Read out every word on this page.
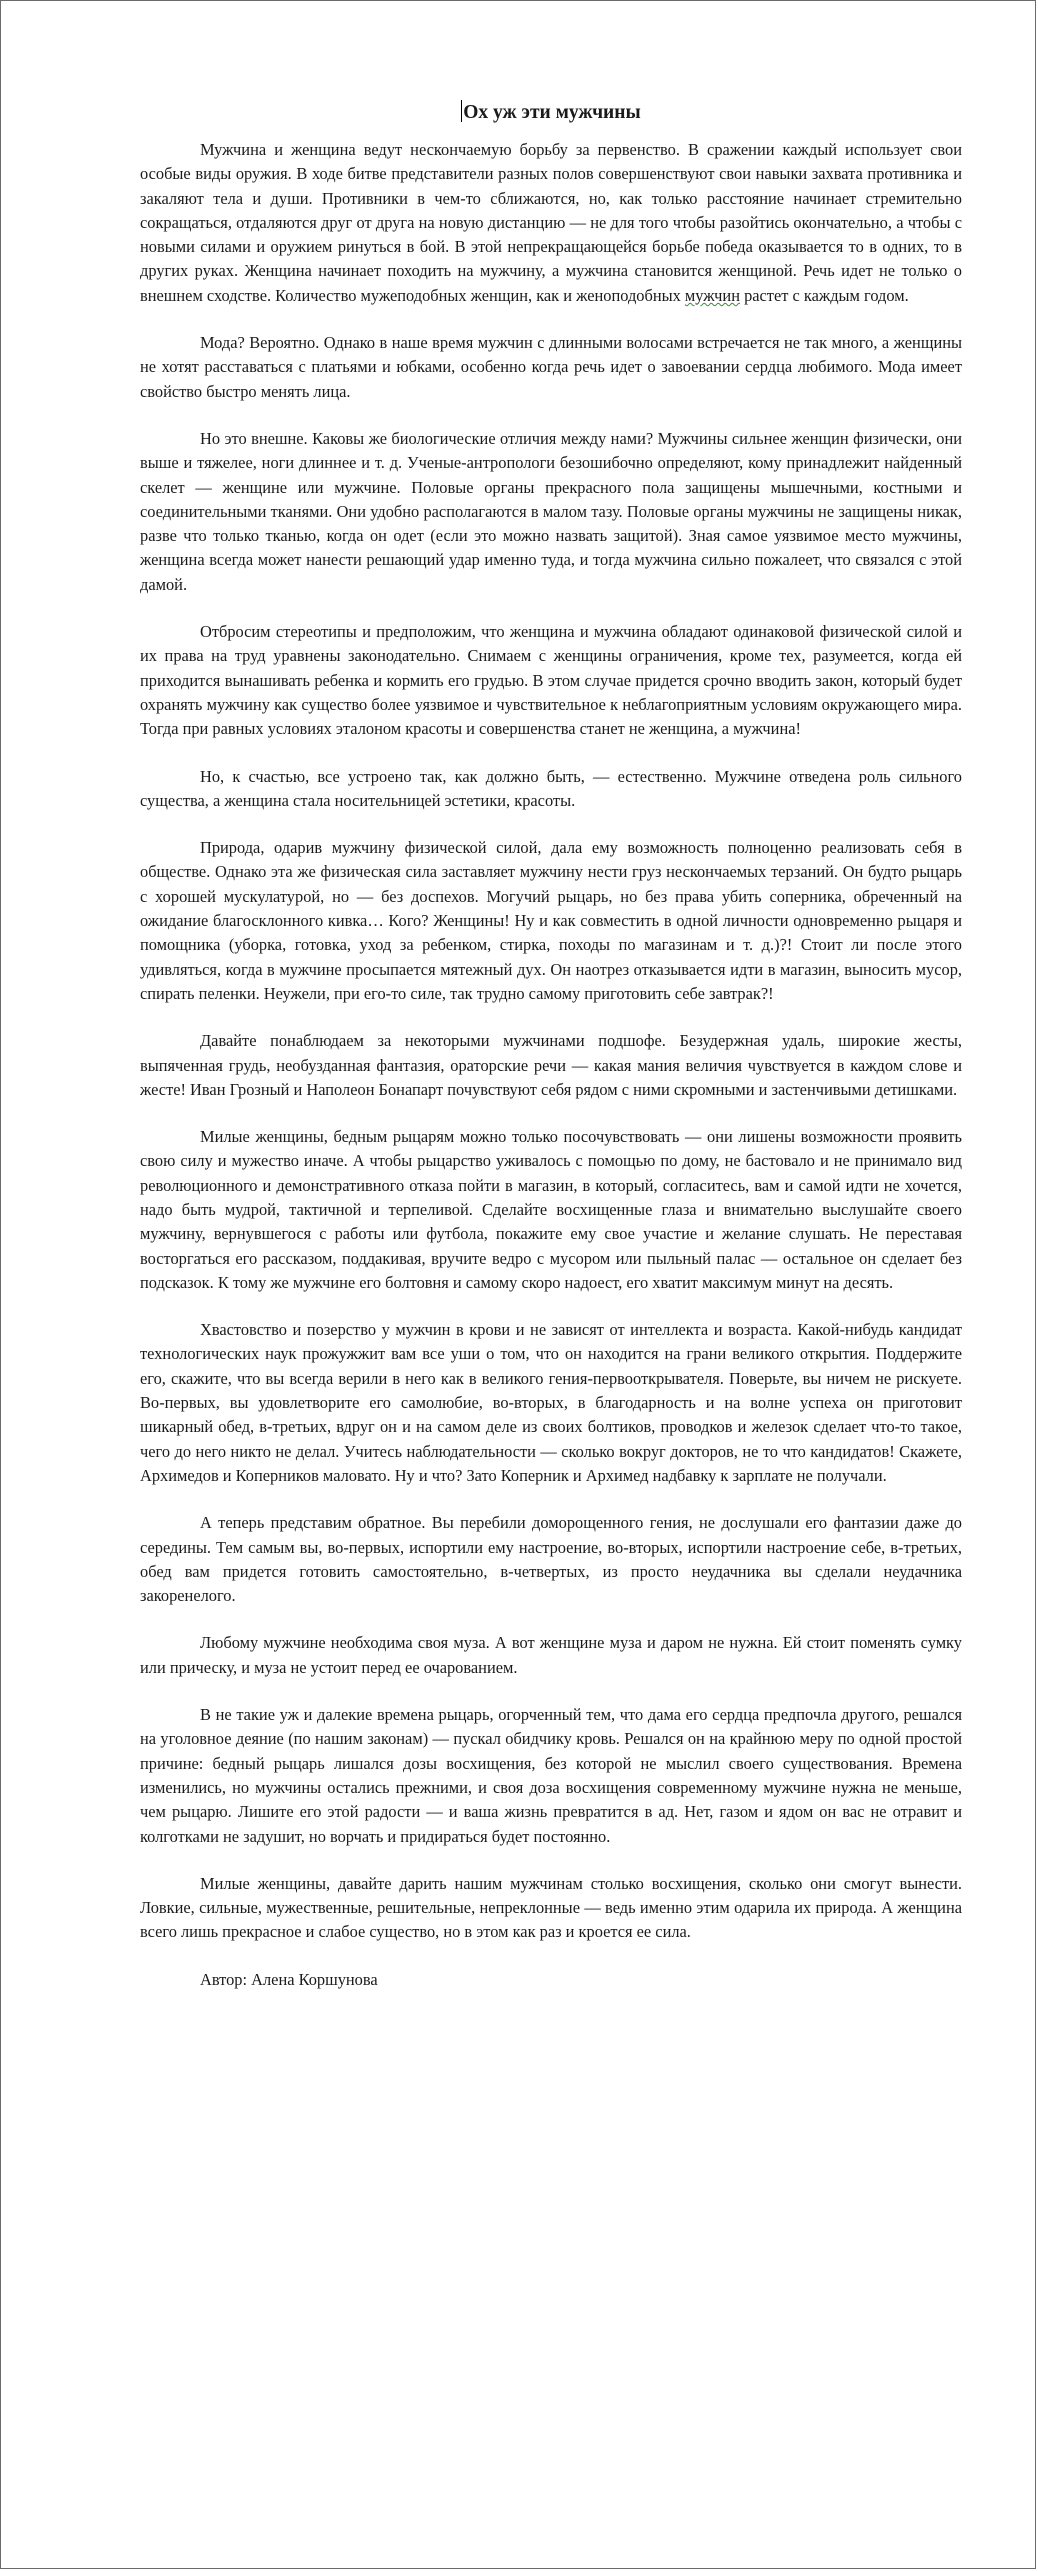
Ох уж эти мужчины

Мужчина и женщина ведут нескончаемую борьбу за первенство. В сражении каждый использует свои особые виды оружия. В ходе битве представители разных полов совершенствуют свои навыки захвата противника и закаляют тела и души. Противники в чем-то сближаются, но, как только расстояние начинает стремительно сокращаться, отдаляются друг от друга на новую дистанцию — не для того чтобы разойтись окончательно, а чтобы с новыми силами и оружием ринуться в бой. В этой непрекращающейся борьбе победа оказывается то в одних, то в других руках. Женщина начинает походить на мужчину, а мужчина становится женщиной. Речь идет не только о внешнем сходстве. Количество мужеподобных женщин, как и женоподобных мужчин растет с каждым годом.

Мода? Вероятно. Однако в наше время мужчин с длинными волосами встречается не так много, а женщины не хотят расставаться с платьями и юбками, особенно когда речь идет о завоевании сердца любимого. Мода имеет свойство быстро менять лица.

Но это внешне. Каковы же биологические отличия между нами? Мужчины сильнее женщин физически, они выше и тяжелее, ноги длиннее и т. д. Ученые-антропологи безошибочно определяют, кому принадлежит найденный скелет — женщине или мужчине. Половые органы прекрасного пола защищены мышечными, костными и соединительными тканями. Они удобно располагаются в малом тазу. Половые органы мужчины не защищены никак, разве что только тканью, когда он одет (если это можно назвать защитой). Зная самое уязвимое место мужчины, женщина всегда может нанести решающий удар именно туда, и тогда мужчина сильно пожалеет, что связался с этой дамой.

Отбросим стереотипы и предположим, что женщина и мужчина обладают одинаковой физической силой и их права на труд уравнены законодательно. Снимаем с женщины ограничения, кроме тех, разумеется, когда ей приходится вынашивать ребенка и кормить его грудью. В этом случае придется срочно вводить закон, который будет охранять мужчину как существо более уязвимое и чувствительное к неблагоприятным условиям окружающего мира. Тогда при равных условиях эталоном красоты и совершенства станет не женщина, а мужчина!

Но, к счастью, все устроено так, как должно быть, — естественно. Мужчине отведена роль сильного существа, а женщина стала носительницей эстетики, красоты.

Природа, одарив мужчину физической силой, дала ему возможность полноценно реализовать себя в обществе. Однако эта же физическая сила заставляет мужчину нести груз нескончаемых терзаний. Он будто рыцарь с хорошей мускулатурой, но — без доспехов. Могучий рыцарь, но без права убить соперника, обреченный на ожидание благосклонного кивка… Кого? Женщины! Ну и как совместить в одной личности одновременно рыцаря и помощника (уборка, готовка, уход за ребенком, стирка, походы по магазинам и т. д.)?! Стоит ли после этого удивляться, когда в мужчине просыпается мятежный дух. Он наотрез отказывается идти в магазин, выносить мусор, спирать пеленки. Неужели, при его-то силе, так трудно самому приготовить себе завтрак?!

Давайте понаблюдаем за некоторыми мужчинами подшофе. Безудержная удаль, широкие жесты, выпяченная грудь, необузданная фантазия, ораторские речи — какая мания величия чувствуется в каждом слове и жесте! Иван Грозный и Наполеон Бонапарт почувствуют себя рядом с ними скромными и застенчивыми детишками.

Милые женщины, бедным рыцарям можно только посочувствовать — они лишены возможности проявить свою силу и мужество иначе. А чтобы рыцарство уживалось с помощью по дому, не бастовало и не принимало вид революционного и демонстративного отказа пойти в магазин, в который, согласитесь, вам и самой идти не хочется, надо быть мудрой, тактичной и терпеливой. Сделайте восхищенные глаза и внимательно выслушайте своего мужчину, вернувшегося с работы или футбола, покажите ему свое участие и желание слушать. Не переставая восторгаться его рассказом, поддакивая, вручите ведро с мусором или пыльный палас — остальное он сделает без подсказок. К тому же мужчине его болтовня и самому скоро надоест, его хватит максимум минут на десять.

Хвастовство и позерство у мужчин в крови и не зависят от интеллекта и возраста. Какой-нибудь кандидат технологических наук прожужжит вам все уши о том, что он находится на грани великого открытия. Поддержите его, скажите, что вы всегда верили в него как в великого гения-первооткрывателя. Поверьте, вы ничем не рискуете. Во-первых, вы удовлетворите его самолюбие, во-вторых, в благодарность и на волне успеха он приготовит шикарный обед, в-третьих, вдруг он и на самом деле из своих болтиков, проводков и железок сделает что-то такое, чего до него никто не делал. Учитесь наблюдательности — сколько вокруг докторов, не то что кандидатов! Скажете, Архимедов и Коперников маловато. Ну и что? Зато Коперник и Архимед надбавку к зарплате не получали.

А теперь представим обратное. Вы перебили доморощенного гения, не дослушали его фантазии даже до середины. Тем самым вы, во-первых, испортили ему настроение, во-вторых, испортили настроение себе, в-третьих, обед вам придется готовить самостоятельно, в-четвертых, из просто неудачника вы сделали неудачника закоренелого.

Любому мужчине необходима своя муза. А вот женщине муза и даром не нужна. Ей стоит поменять сумку или прическу, и муза не устоит перед ее очарованием.

В не такие уж и далекие времена рыцарь, огорченный тем, что дама его сердца предпочла другого, решался на уголовное деяние (по нашим законам) — пускал обидчику кровь. Решался он на крайнюю меру по одной простой причине: бедный рыцарь лишался дозы восхищения, без которой не мыслил своего существования. Времена изменились, но мужчины остались прежними, и своя доза восхищения современному мужчине нужна не меньше, чем рыцарю. Лишите его этой радости — и ваша жизнь превратится в ад. Нет, газом и ядом он вас не отравит и колготками не задушит, но ворчать и придираться будет постоянно.

Милые женщины, давайте дарить нашим мужчинам столько восхищения, сколько они смогут вынести. Ловкие, сильные, мужественные, решительные, непреклонные — ведь именно этим одарила их природа. А женщина всего лишь прекрасное и слабое существо, но в этом как раз и кроется ее сила.

Автор: Алена Коршунова
